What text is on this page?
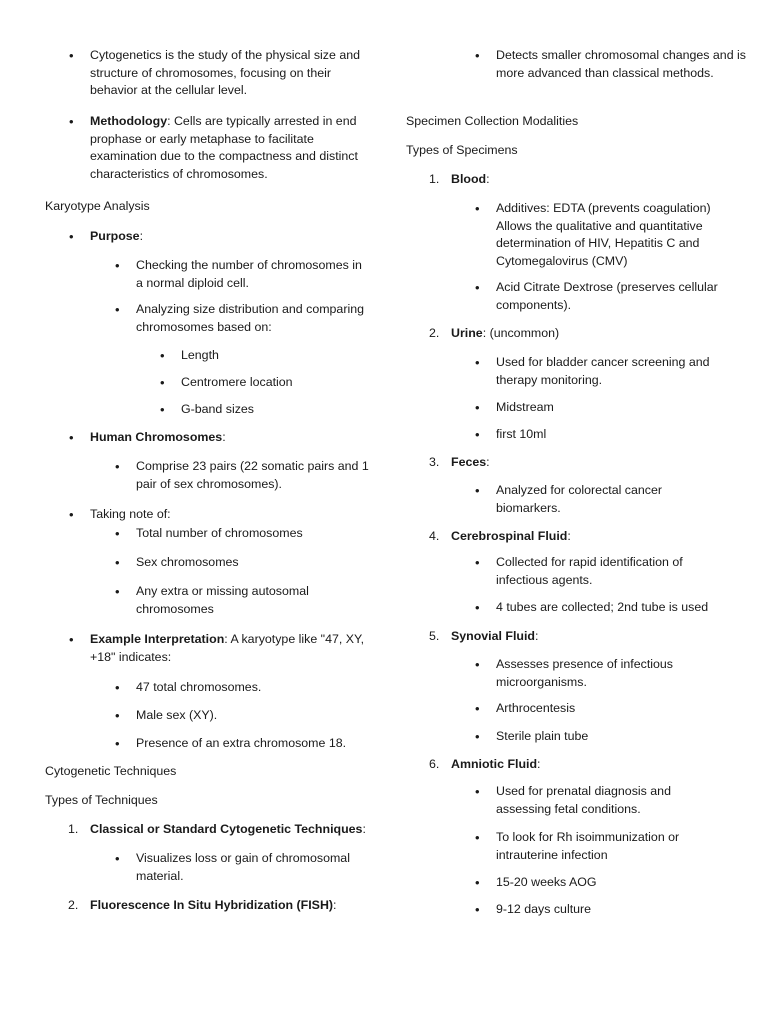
• Cytogenetics is the study of the physical size and structure of chromosomes, focusing on their behavior at the cellular level.
• Methodology: Cells are typically arrested in end prophase or early metaphase to facilitate examination due to the compactness and distinct characteristics of chromosomes.
Karyotype Analysis
• Purpose:
• Checking the number of chromosomes in a normal diploid cell.
• Analyzing size distribution and comparing chromosomes based on:
• Length
• Centromere location
• G-band sizes
• Human Chromosomes:
• Comprise 23 pairs (22 somatic pairs and 1 pair of sex chromosomes).
• Taking note of:
• Total number of chromosomes
• Sex chromosomes
• Any extra or missing autosomal chromosomes
• Example Interpretation: A karyotype like "47, XY, +18" indicates:
• 47 total chromosomes.
• Male sex (XY).
• Presence of an extra chromosome 18.
Cytogenetic Techniques
Types of Techniques
1. Classical or Standard Cytogenetic Techniques:
• Visualizes loss or gain of chromosomal material.
2. Fluorescence In Situ Hybridization (FISH):
• Detects smaller chromosomal changes and is more advanced than classical methods.
Specimen Collection Modalities
Types of Specimens
1. Blood:
• Additives: EDTA (prevents coagulation) Allows the qualitative and quantitative determination of HIV, Hepatitis C and Cytomegalovirus (CMV)
• Acid Citrate Dextrose (preserves cellular components).
2. Urine: (uncommon)
• Used for bladder cancer screening and therapy monitoring.
• Midstream
• first 10ml
3. Feces:
• Analyzed for colorectal cancer biomarkers.
4. Cerebrospinal Fluid:
• Collected for rapid identification of infectious agents.
• 4 tubes are collected; 2nd tube is used
5. Synovial Fluid:
• Assesses presence of infectious microorganisms.
• Arthrocentesis
• Sterile plain tube
6. Amniotic Fluid:
• Used for prenatal diagnosis and assessing fetal conditions.
• To look for Rh isoimmunization or intrauterine infection
• 15-20 weeks AOG
• 9-12 days culture
